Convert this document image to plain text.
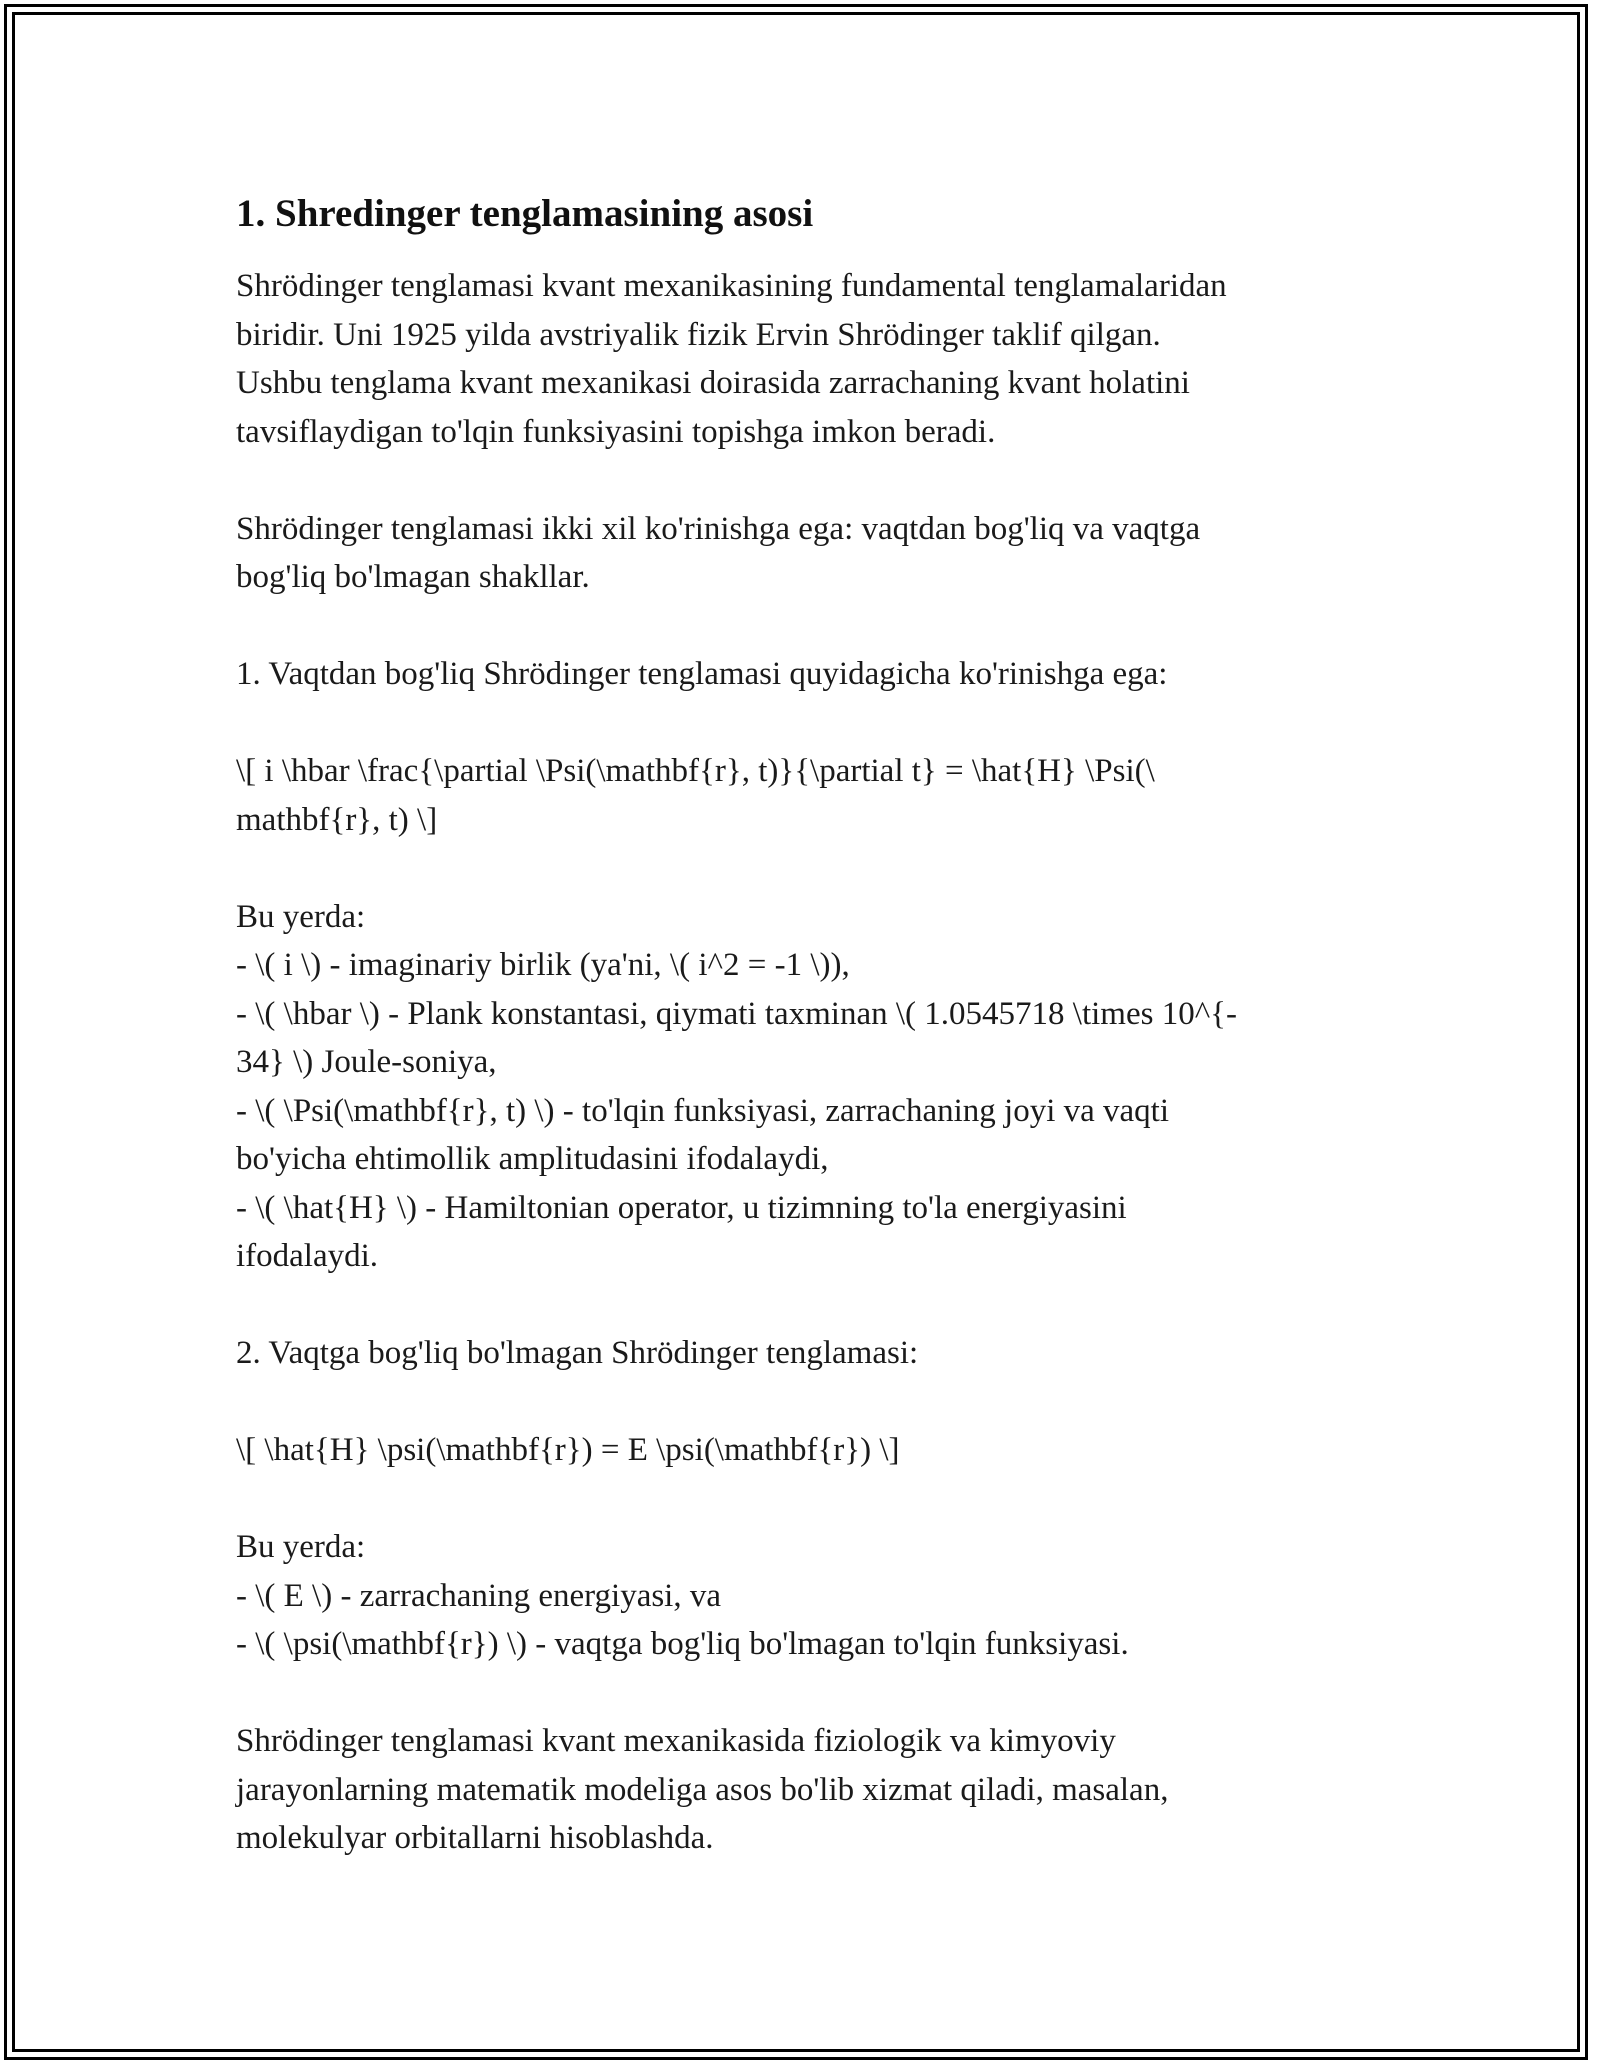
1. Shredinger tenglamasining asosi
Shrödinger tenglamasi kvant mexanikasining fundamental tenglamalaridan
biridir. Uni 1925 yilda avstriyalik fizik Ervin Shrödinger taklif qilgan.
Ushbu tenglama kvant mexanikasi doirasida zarrachaning kvant holatini
tavsiflaydigan to'lqin funksiyasini topishga imkon beradi.
Shrödinger tenglamasi ikki xil ko'rinishga ega: vaqtdan bog'liq va vaqtga
bog'liq bo'lmagan shakllar.
1. Vaqtdan bog'liq Shrödinger tenglamasi quyidagicha ko'rinishga ega:
\[ i \hbar \frac{\partial \Psi(\mathbf{r}, t)}{\partial t} = \hat{H} \Psi(\
mathbf{r}, t) \]
Bu yerda:
- \( i \) - imaginariy birlik (ya'ni, \( i^2 = -1 \)),
- \( \hbar \) - Plank konstantasi, qiymati taxminan \( 1.0545718 \times 10^{-
34} \) Joule-soniya,
- \( \Psi(\mathbf{r}, t) \) - to'lqin funksiyasi, zarrachaning joyi va vaqti
bo'yicha ehtimollik amplitudasini ifodalaydi,
- \( \hat{H} \) - Hamiltonian operator, u tizimning to'la energiyasini
ifodalaydi.
2. Vaqtga bog'liq bo'lmagan Shrödinger tenglamasi:
\[ \hat{H} \psi(\mathbf{r}) = E \psi(\mathbf{r}) \]
Bu yerda:
- \( E \) - zarrachaning energiyasi, va
- \( \psi(\mathbf{r}) \) - vaqtga bog'liq bo'lmagan to'lqin funksiyasi.
Shrödinger tenglamasi kvant mexanikasida fiziologik va kimyoviy
jarayonlarning matematik modeliga asos bo'lib xizmat qiladi, masalan,
molekulyar orbitallarni hisoblashda.
